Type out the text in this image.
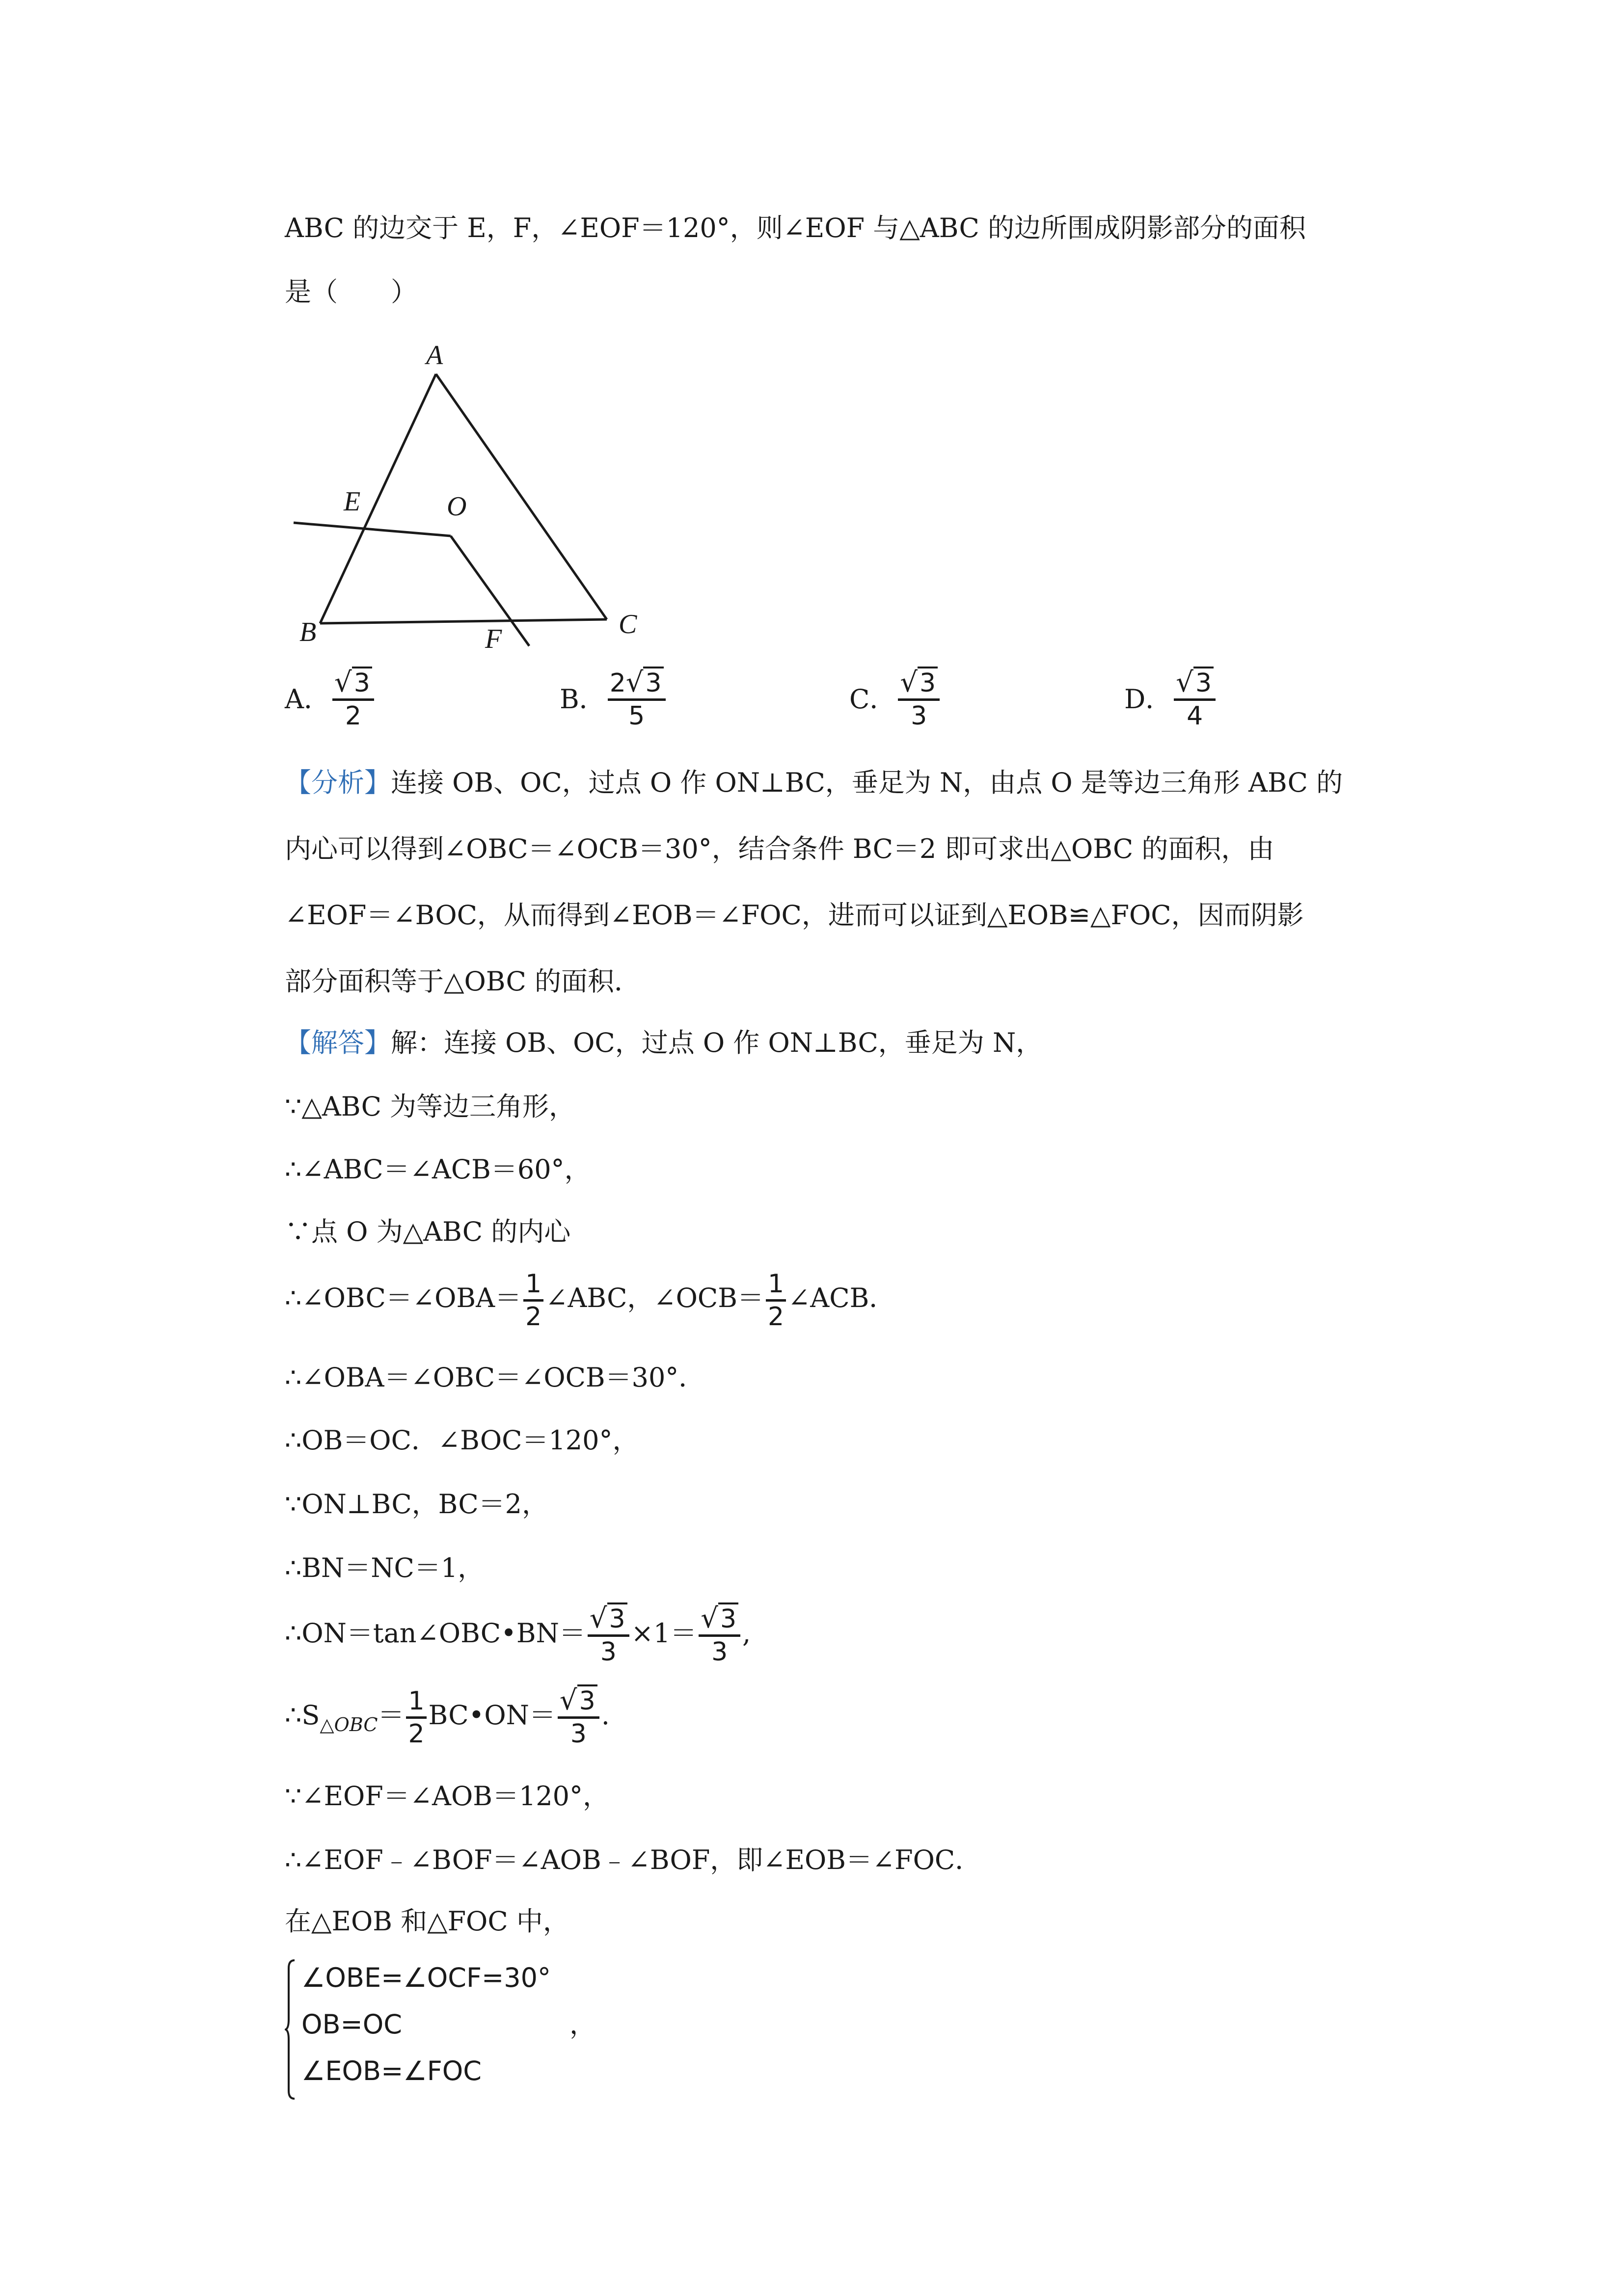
ABC 的边交于 E，F，∠EOF＝120°，则∠EOF 与△ABC 的边所围成阴影部分的面积
是（　　）
A
B	C
E
F
O
A． $\frac{√3}{2}$	B． $\frac{2√3}{5}$	C． $\frac{√3}{3}$	D． $\frac{√3}{4}$
【分析】连接 OB、OC，过点 O 作 ON⊥BC，垂足为 N，由点 O 是等边三角形 ABC 的
内心可以得到∠OBC＝∠OCB＝30°，结合条件 BC＝2 即可求出△OBC 的面积，由
∠EOF＝∠BOC，从而得到∠EOB＝∠FOC，进而可以证到△EOB≌△FOC，因而阴影
部分面积等于△OBC 的面积．
【解答】解：连接 OB、OC，过点 O 作 ON⊥BC，垂足为 N，
∵△ABC 为等边三角形，
∴∠ABC＝∠ACB＝60°，
∵点 O 为△ABC 的内心
∴∠OBC＝∠OBA＝ $\frac{1}{2}$ ∠ABC，∠OCB＝ $\frac{1}{2}$ ∠ACB．
∴∠OBA＝∠OBC＝∠OCB＝30°．
∴OB＝OC．∠BOC＝120°，
∵ON⊥BC，BC＝2，
∴BN＝NC＝1，
∴ON＝tan∠OBC•BN＝ $\frac{√3}{3} \times 1= \frac{√3}{3}$ ,
$\therefore S_{\triangle OBC}= \frac{1}{2}$ BC•ON＝ $\frac{√3}{3}$ .
∵∠EOF＝∠AOB＝120°，
∴∠EOF﹣∠BOF＝∠AOB﹣∠BOF，即∠EOB＝∠FOC．
在△EOB 和△FOC 中，
∠OBE=∠OCF=30°
OB=OC
∠EOB=∠FOC
，
